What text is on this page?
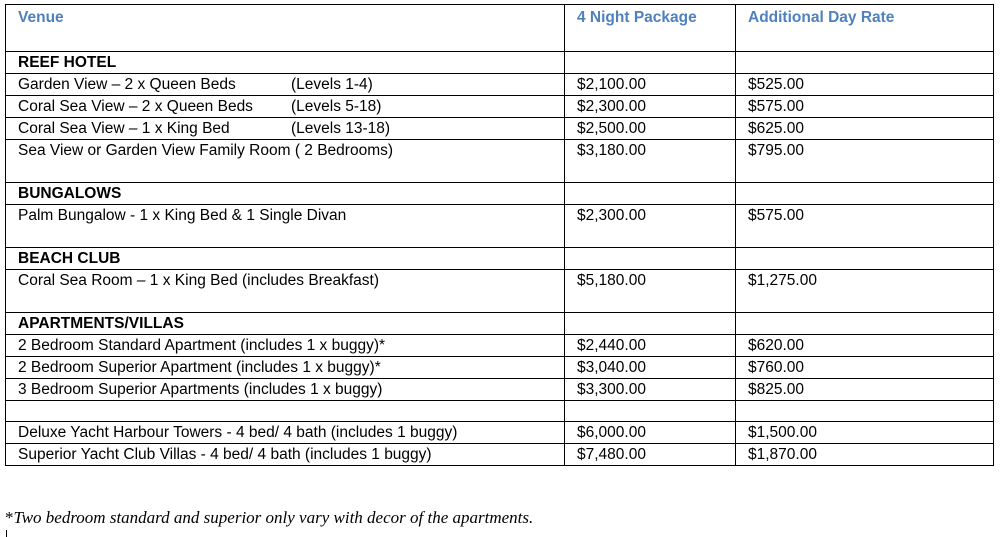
Venue	4 Night Package	Additional Day Rate
REEF HOTEL		
Garden View – 2 x Queen Beds (Levels 1-4)	$2,100.00	$525.00
Coral Sea View – 2 x Queen Beds (Levels 5-18)	$2,300.00	$575.00
Coral Sea View – 1 x King Bed (Levels 13-18)	$2,500.00	$625.00
Sea View or Garden View Family Room ( 2 Bedrooms)	$3,180.00	$795.00
BUNGALOWS		
Palm Bungalow - 1 x King Bed & 1 Single Divan	$2,300.00	$575.00
BEACH CLUB		
Coral Sea Room – 1 x King Bed (includes Breakfast)	$5,180.00	$1,275.00
APARTMENTS/VILLAS		
2 Bedroom Standard Apartment (includes 1 x buggy)*	$2,440.00	$620.00
2 Bedroom Superior Apartment (includes 1 x buggy)*	$3,040.00	$760.00
3 Bedroom Superior Apartments (includes 1 x buggy)	$3,300.00	$825.00

Deluxe Yacht Harbour Towers - 4 bed/ 4 bath (includes 1 buggy)	$6,000.00	$1,500.00
Superior Yacht Club Villas - 4 bed/ 4 bath (includes 1 buggy)	$7,480.00	$1,870.00
*Two bedroom standard and superior only vary with decor of the apartments.
